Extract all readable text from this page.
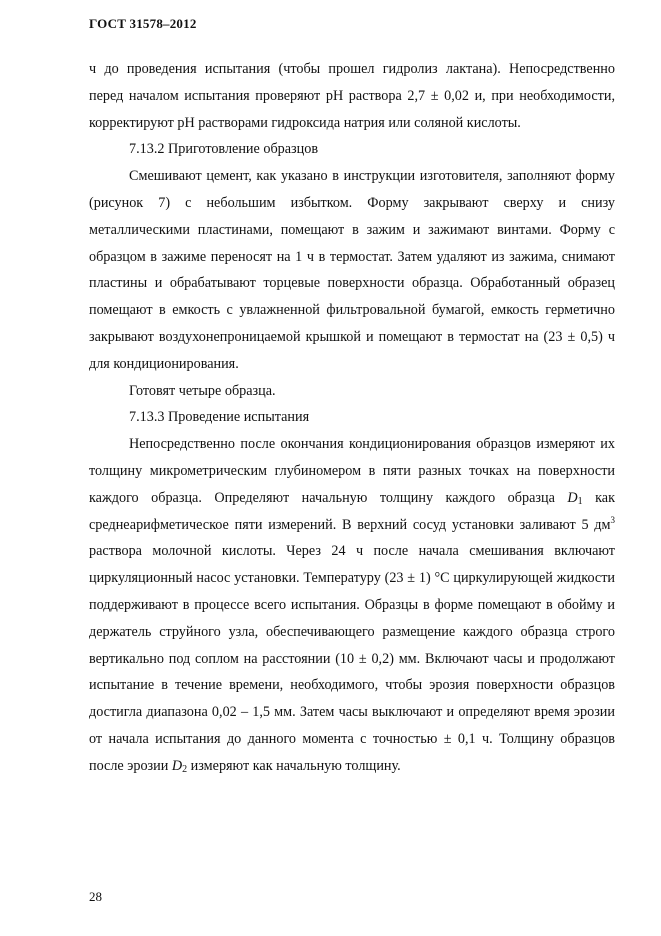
ГОСТ 31578–2012

ч до проведения испытания (чтобы прошел гидролиз лактана). Непосредственно перед началом испытания проверяют pH раствора 2,7 ± 0,02 и, при необходимости, корректируют pH растворами гидроксида натрия или соляной кислоты.

7.13.2 Приготовление образцов

Смешивают цемент, как указано в инструкции изготовителя, заполняют форму (рисунок 7) с небольшим избытком. Форму закрывают сверху и снизу металлическими пластинами, помещают в зажим и зажимают винтами. Форму с образцом в зажиме переносят на 1 ч в термостат. Затем удаляют из зажима, снимают пластины и обрабатывают торцевые поверхности образца. Обработанный образец помещают в емкость с увлажненной фильтровальной бумагой, емкость герметично закрывают воздухонепроницаемой крышкой и помещают в термостат на (23 ± 0,5) ч для кондиционирования.

Готовят четыре образца.

7.13.3 Проведение испытания

Непосредственно после окончания кондиционирования образцов измеряют их толщину микрометрическим глубиномером в пяти разных точках на поверхности каждого образца. Определяют начальную толщину каждого образца $D_1$ как среднеарифметическое пяти измерений. В верхний сосуд установки заливают 5 $дм^3$ раствора молочной кислоты. Через 24 ч после начала смешивания включают циркуляционный насос установки. Температуру (23 ± 1) °С циркулирующей жидкости поддерживают в процессе всего испытания. Образцы в форме помещают в обойму и держатель струйного узла, обеспечивающего размещение каждого образца строго вертикально под соплом на расстоянии (10 ± 0,2) мм. Включают часы и продолжают испытание в течение времени, необходимого, чтобы эрозия поверхности образцов достигла диапазона 0,02 – 1,5 мм. Затем часы выключают и определяют время эрозии от начала испытания до данного момента с точностью ± 0,1 ч. Толщину образцов после эрозии $D_2$ измеряют как начальную толщину.

28
